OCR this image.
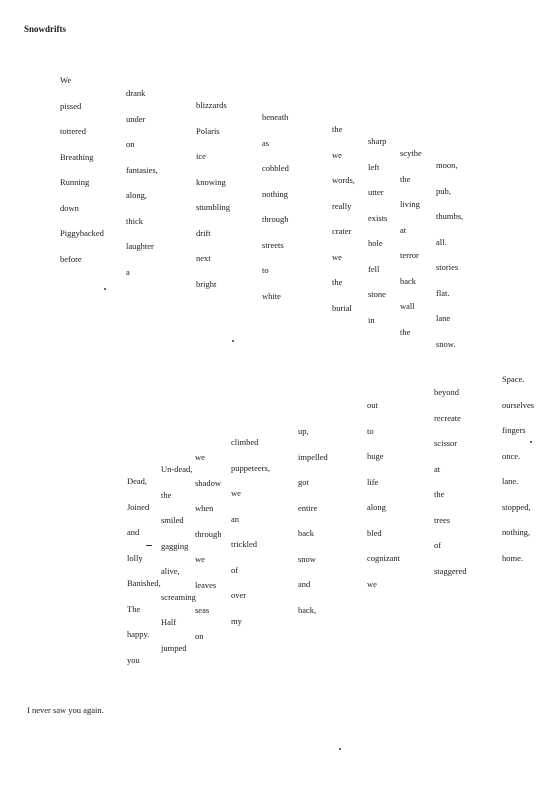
Snowdrifts
We
pissed
tottered
Breathing
Running
down
Piggybacked
before
drank
under
on
fantasies,
along,
thick
laughter
a
blizzards
Polaris
ice
knowing
stumbling
drift
next
bright
beneath
as
cobbled
nothing
through
streets
to
white
the
we
words,
really
crater
we
the
burial
sharp
left
utter
exists
hole
fell
stone
in
scythe
the
living
at
terror
back
wall
the
moon,
pub,
thumbs,
all.
stories
flat.
lane
snow.
Dead,
Joined
and
lolly
Banished,
The
happy.
you
Un-dead,
the
smiled
gagging
alive,
screaming
Half
jumped
we
shadow
when
through
we
leaves
seas
on
climbed
puppeteers,
we
an
trickled
of
over
my
up,
impelled
got
entire
back
snow
and
back,
out
to
huge
life
along
bled
cognizant
we
beyond
recreate
scissor
at
the
trees
of
staggered
Space.
ourselves
fingers
once.
lane.
stopped,
nothing,
home.
I never saw you again.
